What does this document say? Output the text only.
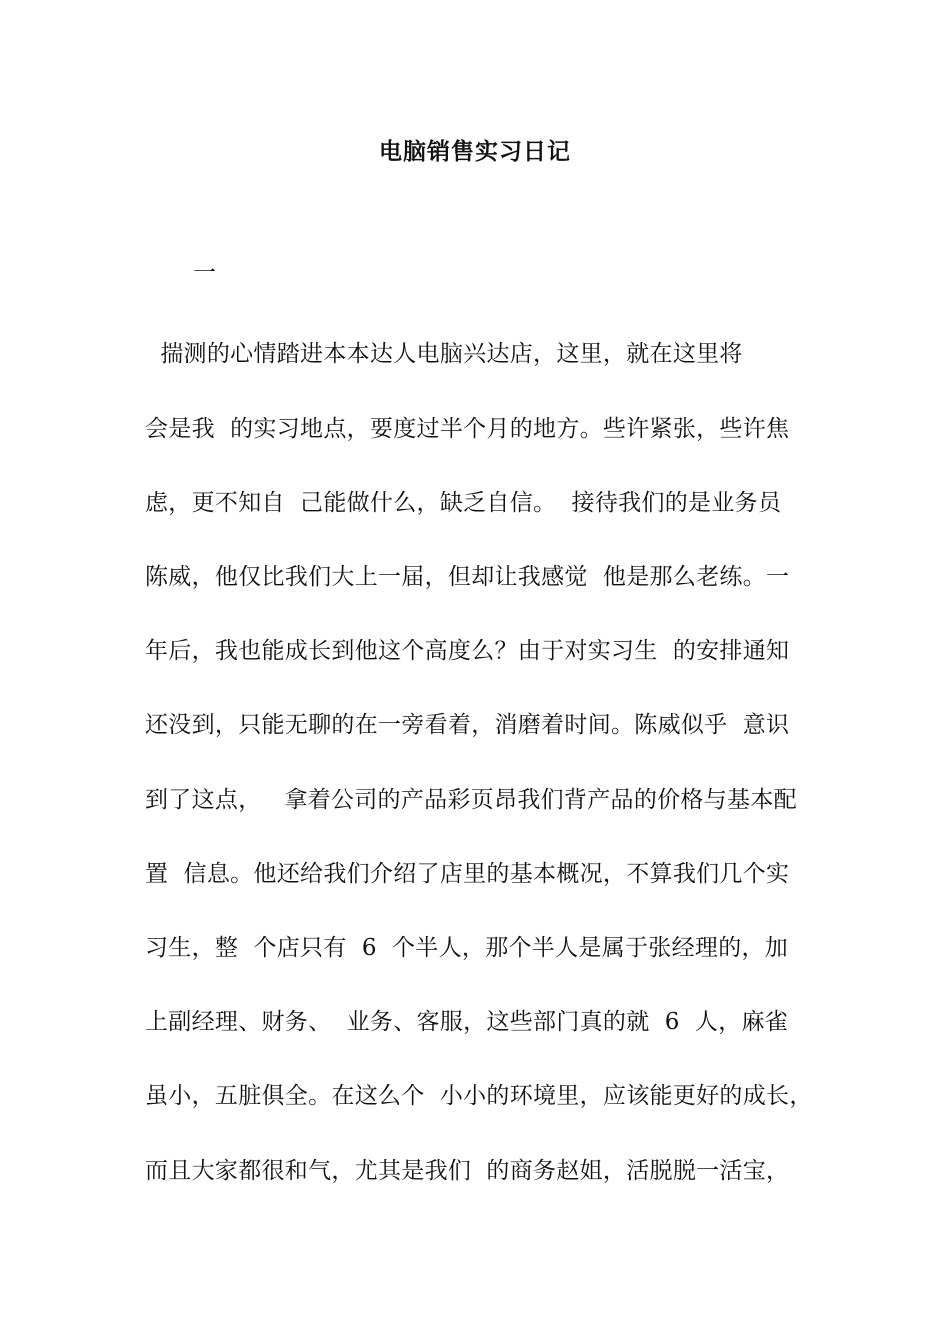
电脑销售实习日记
一
揣测的心情踏进本本达人电脑兴达店，这里，就在这里将
会是我  的实习地点，要度过半个月的地方。些许紧张，些许焦
虑，更不知自  己能做什么，缺乏自信。  接待我们的是业务员
陈威，他仅比我们大上一届，但却让我感觉  他是那么老练。一
年后，我也能成长到他这个高度么？由于对实习生  的安排通知
还没到，只能无聊的在一旁看着，消磨着时间。陈威似乎  意识
到了这点，   拿着公司的产品彩页昂我们背产品的价格与基本配
置  信息。他还给我们介绍了店里的基本概况，不算我们几个实
习生，整  个店只有  6  个半人，那个半人是属于张经理的，加
上副经理、财务、  业务、客服，这些部门真的就  6  人，麻雀
虽小，五脏俱全。在这么个  小小的环境里，应该能更好的成长，
而且大家都很和气，尤其是我们  的商务赵姐，活脱脱一活宝，
